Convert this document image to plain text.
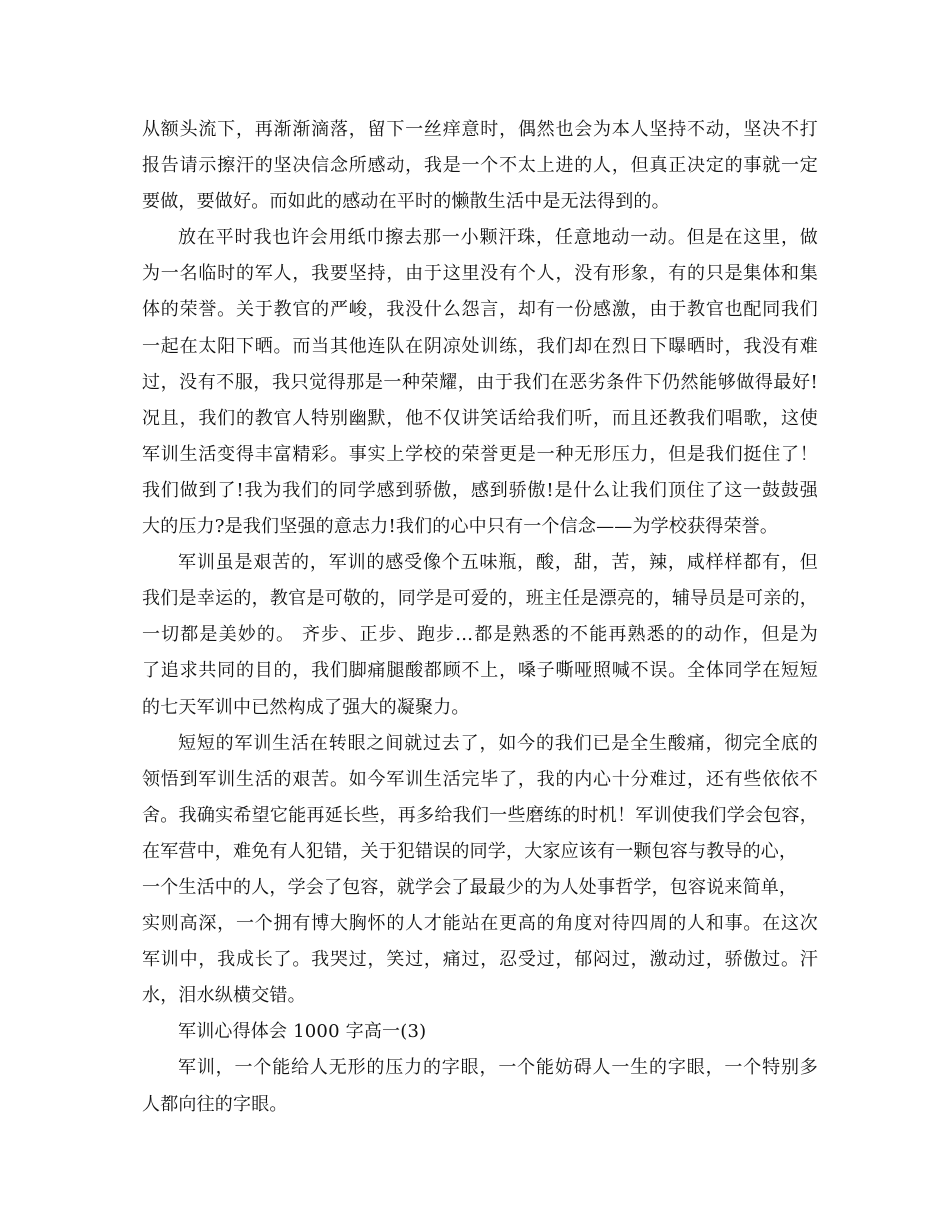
从额头流下，再渐渐滴落，留下一丝痒意时，偶然也会为本人坚持不动，坚决不打
报告请示擦汗的坚决信念所感动，我是一个不太上进的人，但真正决定的事就一定
要做，要做好。而如此的感动在平时的懒散生活中是无法得到的。
放在平时我也许会用纸巾擦去那一小颗汗珠，任意地动一动。但是在这里，做
为一名临时的军人，我要坚持，由于这里没有个人，没有形象，有的只是集体和集
体的荣誉。关于教官的严峻，我没什么怨言，却有一份感激，由于教官也配同我们
一起在太阳下晒。而当其他连队在阴凉处训练，我们却在烈日下曝晒时，我没有难
过，没有不服，我只觉得那是一种荣耀，由于我们在恶劣条件下仍然能够做得最好!
况且，我们的教官人特别幽默，他不仅讲笑话给我们听，而且还教我们唱歌，这使
军训生活变得丰富精彩。事实上学校的荣誉更是一种无形压力，但是我们挺住了！
我们做到了!我为我们的同学感到骄傲，感到骄傲!是什么让我们顶住了这一鼓鼓强
大的压力?是我们坚强的意志力!我们的心中只有一个信念——为学校获得荣誉。
军训虽是艰苦的，军训的感受像个五味瓶，酸，甜，苦，辣，咸样样都有，但
我们是幸运的，教官是可敬的，同学是可爱的，班主任是漂亮的，辅导员是可亲的，
一切都是美妙的。 齐步、正步、跑步…都是熟悉的不能再熟悉的的动作，但是为
了追求共同的目的，我们脚痛腿酸都顾不上，嗓子嘶哑照喊不误。全体同学在短短
的七天军训中已然构成了强大的凝聚力。
短短的军训生活在转眼之间就过去了，如今的我们已是全生酸痛，彻完全底的
领悟到军训生活的艰苦。如今军训生活完毕了，我的内心十分难过，还有些依依不
舍。我确实希望它能再延长些，再多给我们一些磨练的时机！军训使我们学会包容，
在军营中，难免有人犯错，关于犯错误的同学，大家应该有一颗包容与教导的心，
一个生活中的人，学会了包容，就学会了最最少的为人处事哲学，包容说来简单，
实则高深，一个拥有博大胸怀的人才能站在更高的角度对待四周的人和事。在这次
军训中，我成长了。我哭过，笑过，痛过，忍受过，郁闷过，激动过，骄傲过。汗
水，泪水纵横交错。
军训心得体会 1000 字高一(3)
军训，一个能给人无形的压力的字眼，一个能妨碍人一生的字眼，一个特别多
人都向往的字眼。
